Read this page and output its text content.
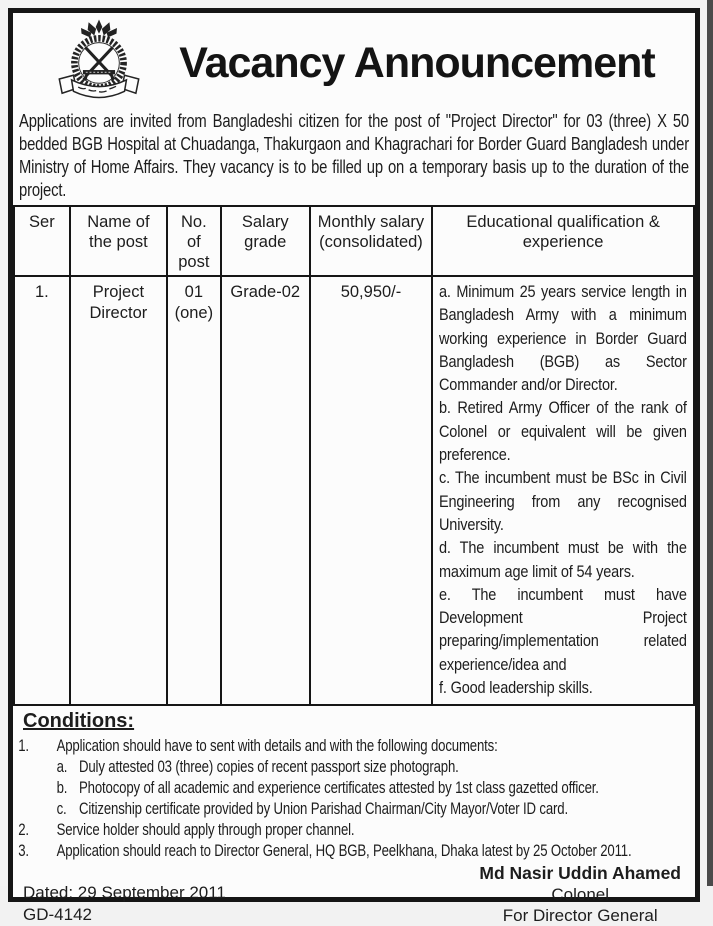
Vacancy Announcement

Applications are invited from Bangladeshi citizen for the post of "Project Director" for 03 (three) X 50 bedded BGB Hospital at Chuadanga, Thakurgaon and Khagrachari for Border Guard Bangladesh under Ministry of Home Affairs. They vacancy is to be filled up on a temporary basis up to the duration of the project.

Ser	Name of the post	No. of post	Salary grade	Monthly salary (consolidated)	Educational qualification & experience
1.	Project Director	01 (one)	Grade-02	50,950/-	a. Minimum 25 years service length in Bangladesh Army with a minimum working experience in Border Guard Bangladesh (BGB) as Sector Commander and/or Director.
b. Retired Army Officer of the rank of Colonel or equivalent will be given preference.
c. The incumbent must be BSc in Civil Engineering from any recognised University.
d. The incumbent must be with the maximum age limit of 54 years.
e. The incumbent must have Development Project preparing/implementation related experience/idea and
f. Good leadership skills.
Conditions:
1.	Application should have to sent with details and with the following documents:
a. Duly attested 03 (three) copies of recent passport size photograph.
b. Photocopy of all academic and experience certificates attested by 1st class gazetted officer.
c. Citizenship certificate provided by Union Parishad Chairman/City Mayor/Voter ID card.
2.	Service holder should apply through proper channel.
3.	Application should reach to Director General, HQ BGB, Peelkhana, Dhaka latest by 25 October 2011.
Dated: 29 September 2011
GD-4142
Md Nasir Uddin Ahamed
Colonel
For Director General
